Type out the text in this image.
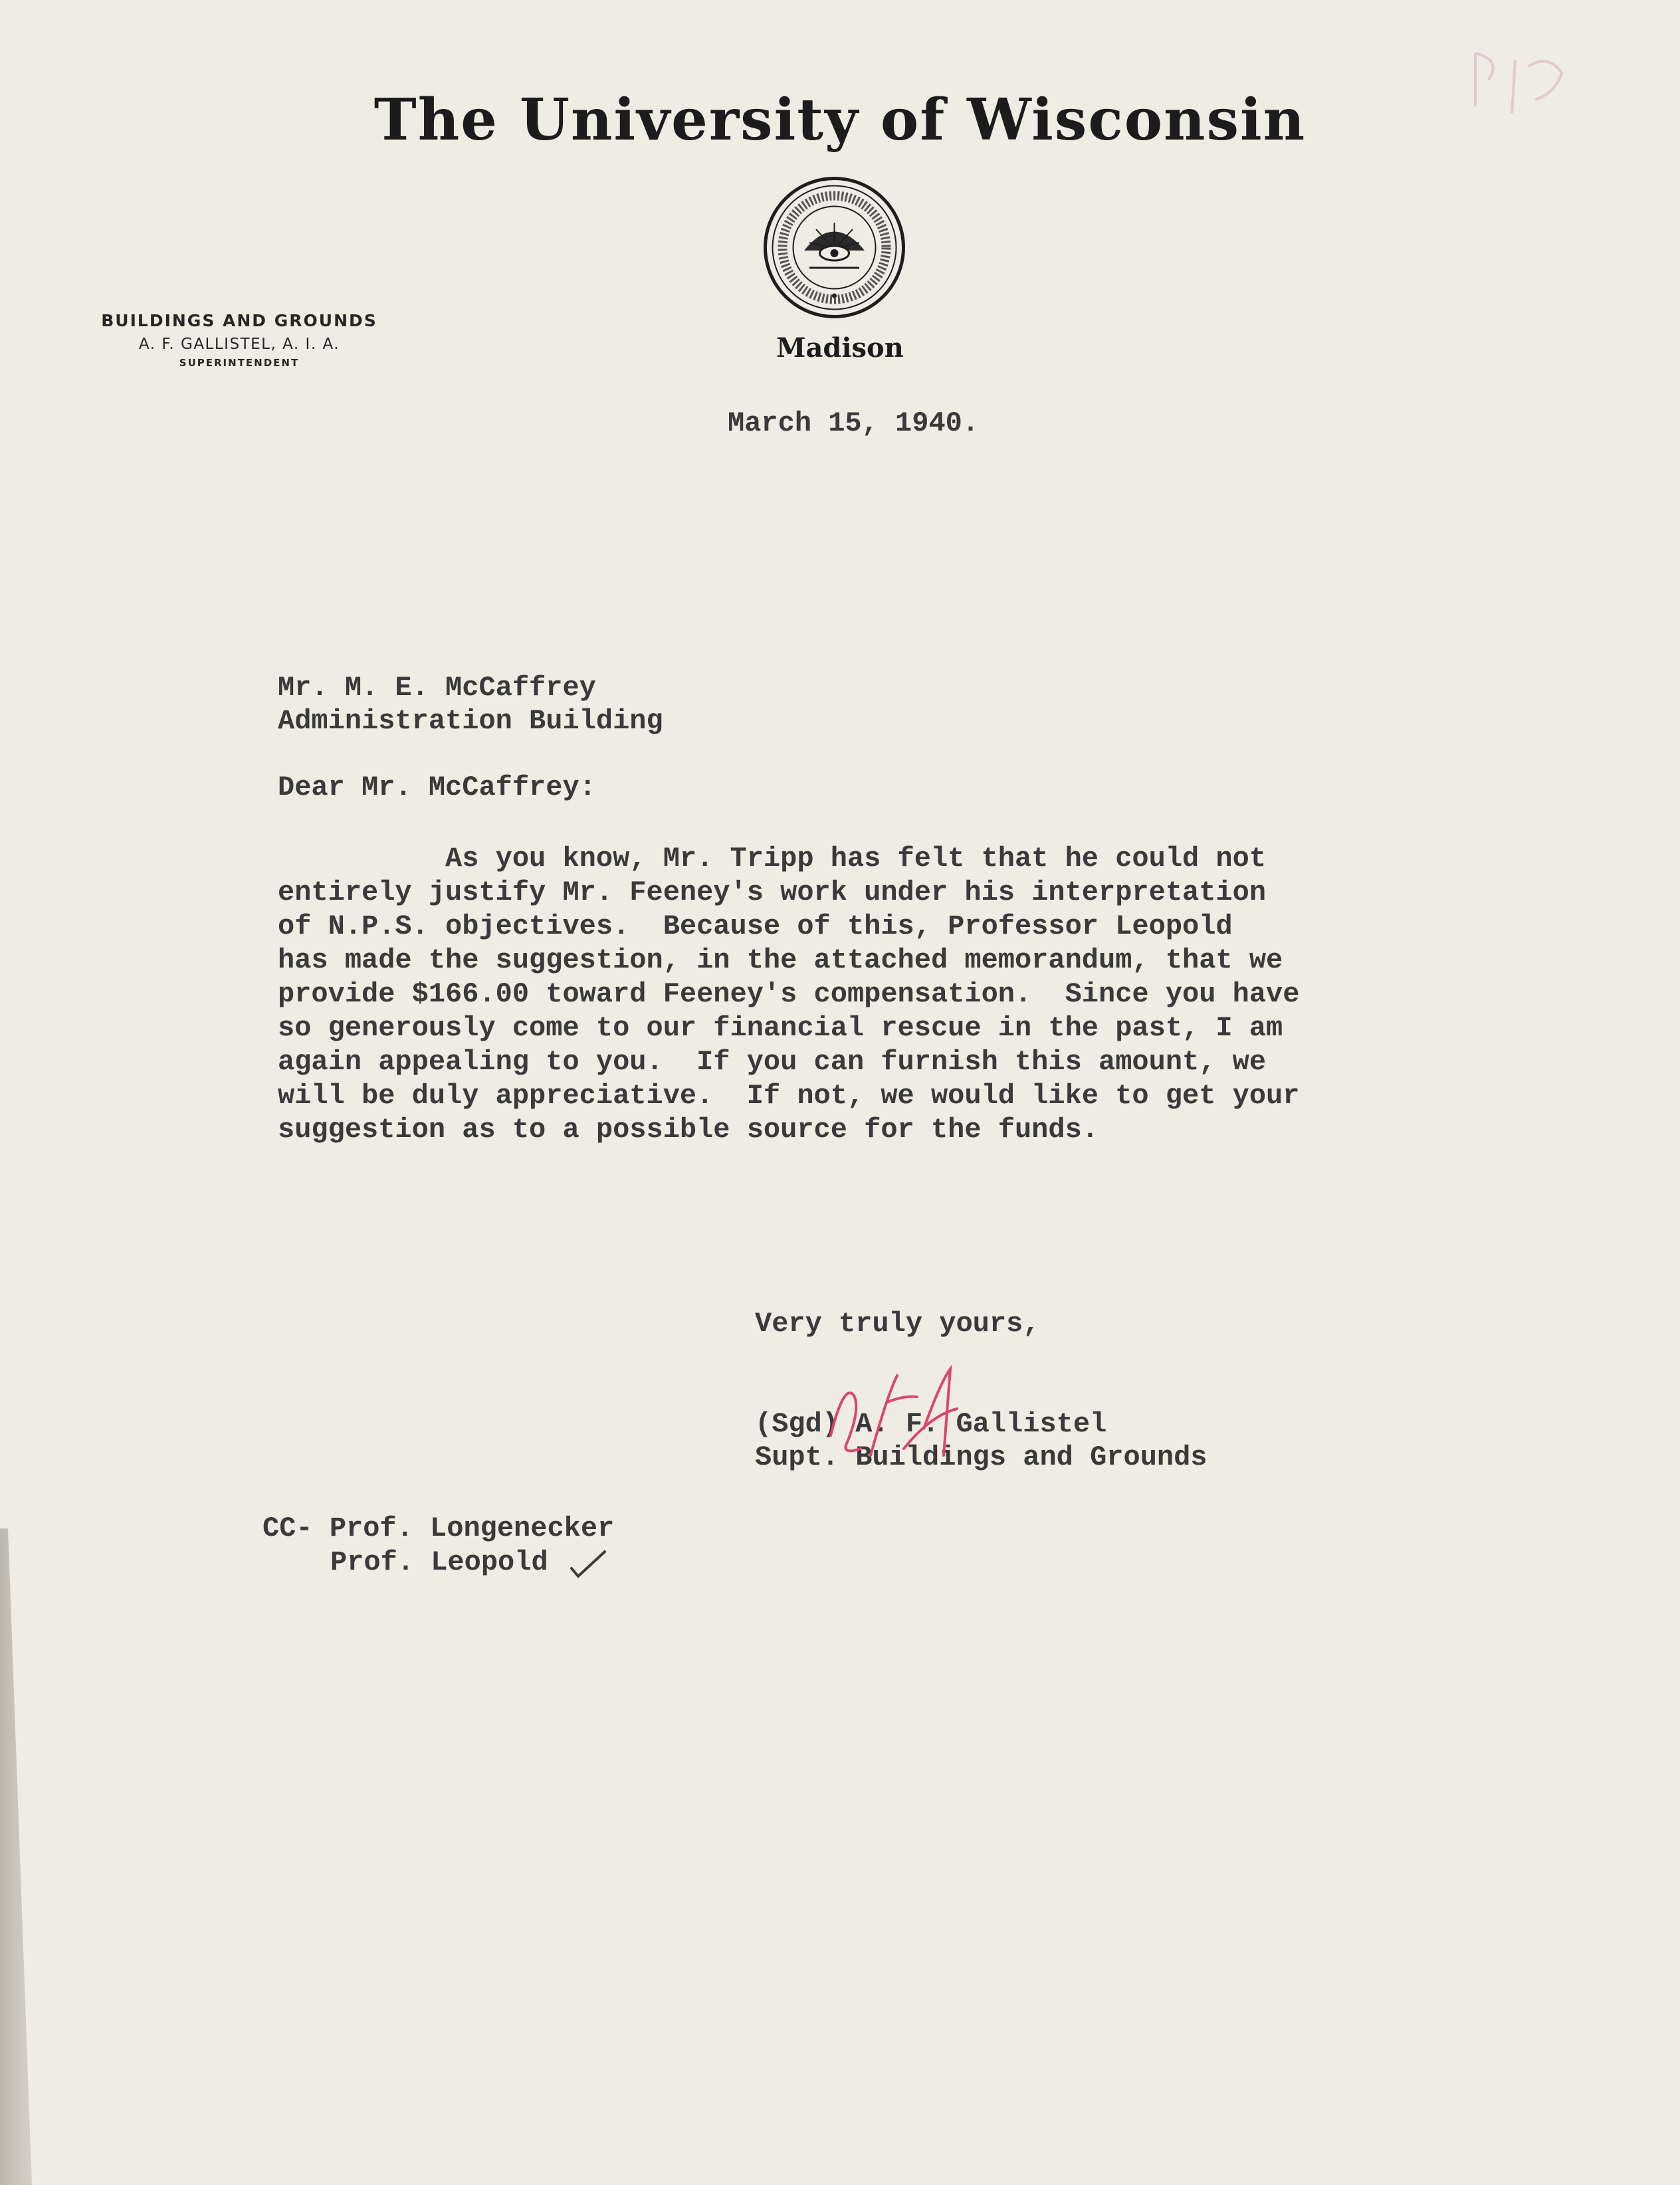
The University of Wisconsin
Madison
BUILDINGS AND GROUNDS
A. F. GALLISTEL, A. I. A.
SUPERINTENDENT
March 15, 1940.
Mr. M. E. McCaffrey
Administration Building
Dear Mr. McCaffrey:
As you know, Mr. Tripp has felt that he could not
entirely justify Mr. Feeney's work under his interpretation
of N.P.S. objectives.  Because of this, Professor Leopold
has made the suggestion, in the attached memorandum, that we
provide $166.00 toward Feeney's compensation.  Since you have
so generously come to our financial rescue in the past, I am
again appealing to you.  If you can furnish this amount, we
will be duly appreciative.  If not, we would like to get your
suggestion as to a possible source for the funds.
Very truly yours,
(Sgd) A. F. Gallistel
Supt. Buildings and Grounds
CC- Prof. Longenecker
Prof. Leopold
